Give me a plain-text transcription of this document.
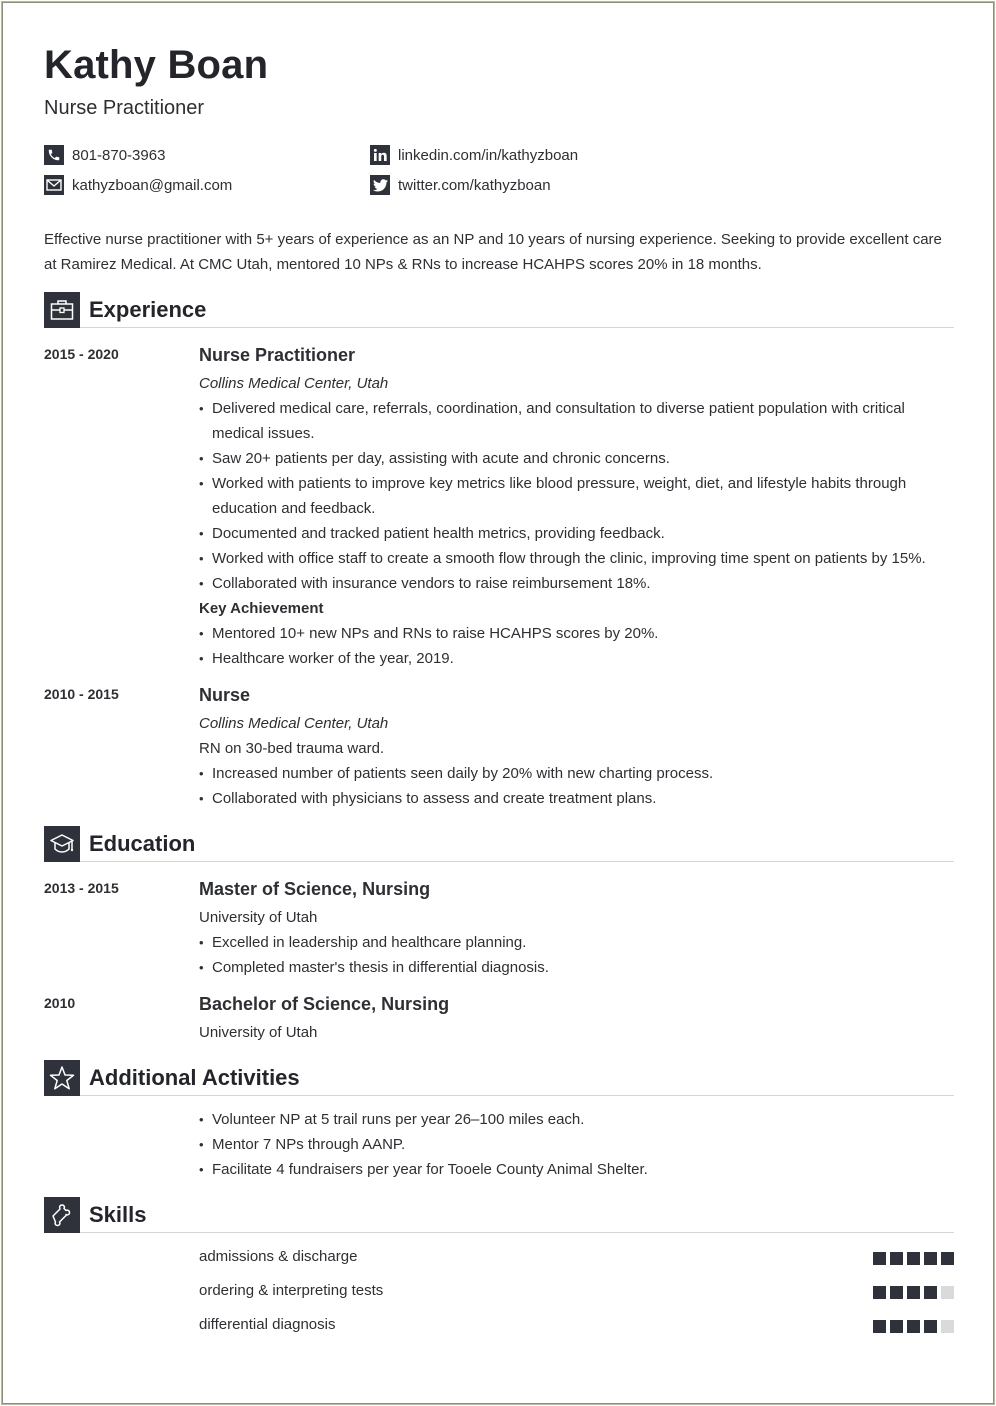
Kathy Boan
Nurse Practitioner
801-870-3963	linkedin.com/in/kathyzboan
kathyzboan@gmail.com	twitter.com/kathyzboan
Effective nurse practitioner with 5+ years of experience as an NP and 10 years of nursing experience. Seeking to provide excellent care at Ramirez Medical. At CMC Utah, mentored 10 NPs & RNs to increase HCAHPS scores 20% in 18 months.
Experience
2015 - 2020	Nurse Practitioner
Collins Medical Center, Utah
• Delivered medical care, referrals, coordination, and consultation to diverse patient population with critical medical issues.
• Saw 20+ patients per day, assisting with acute and chronic concerns.
• Worked with patients to improve key metrics like blood pressure, weight, diet, and lifestyle habits through education and feedback.
• Documented and tracked patient health metrics, providing feedback.
• Worked with office staff to create a smooth flow through the clinic, improving time spent on patients by 15%.
• Collaborated with insurance vendors to raise reimbursement 18%.
Key Achievement
• Mentored 10+ new NPs and RNs to raise HCAHPS scores by 20%.
• Healthcare worker of the year, 2019.
2010 - 2015	Nurse
Collins Medical Center, Utah
RN on 30-bed trauma ward.
• Increased number of patients seen daily by 20% with new charting process.
• Collaborated with physicians to assess and create treatment plans.
Education
2013 - 2015	Master of Science, Nursing
University of Utah
• Excelled in leadership and healthcare planning.
• Completed master's thesis in differential diagnosis.
2010	Bachelor of Science, Nursing
University of Utah
Additional Activities
• Volunteer NP at 5 trail runs per year 26–100 miles each.
• Mentor 7 NPs through AANP.
• Facilitate 4 fundraisers per year for Tooele County Animal Shelter.
Skills
admissions & discharge
ordering & interpreting tests
differential diagnosis
